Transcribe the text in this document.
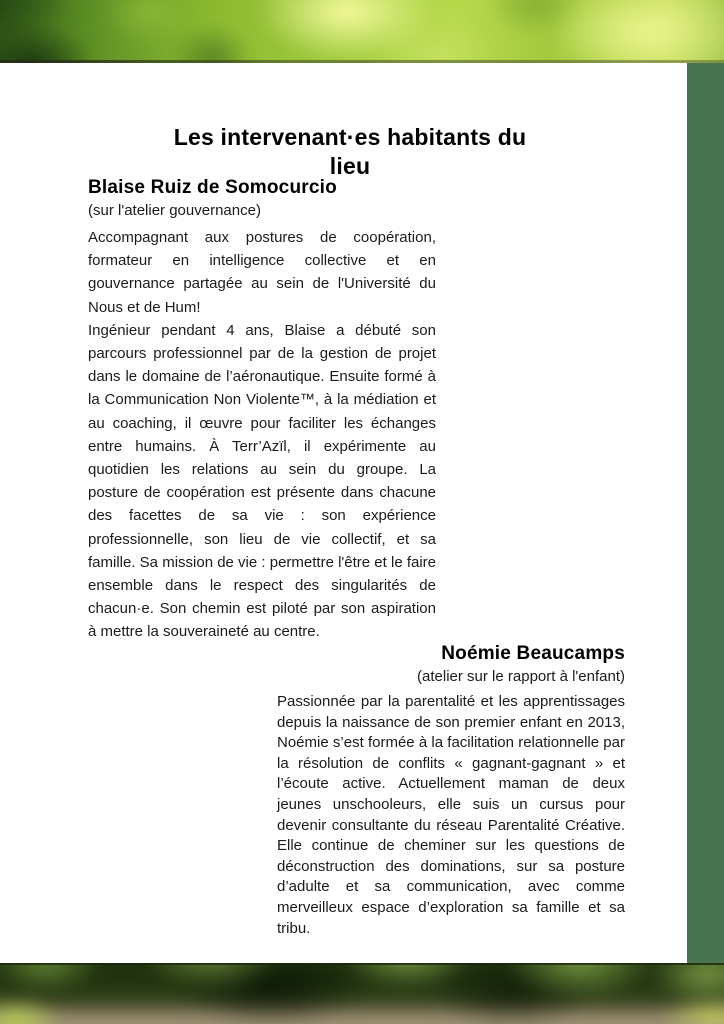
Les intervenant·es habitants du
lieu
Blaise Ruiz de Somocurcio
(sur l'atelier gouvernance)

Accompagnant aux postures de coopération, formateur en intelligence collective et en gouvernance partagée au sein de l'Université du Nous et de Hum!

Ingénieur pendant 4 ans, Blaise a débuté son parcours professionnel par de la gestion de projet dans le domaine de l’aéronautique. Ensuite formé à la Communication Non Violente™, à la médiation et au coaching, il œuvre pour faciliter les échanges entre humains. À Terr’Azïl, il expérimente au quotidien les relations au sein du groupe. La posture de coopération est présente dans chacune des facettes de sa vie : son expérience professionnelle, son lieu de vie collectif, et sa famille. Sa mission de vie : permettre l'être et le faire ensemble dans le respect des singularités de chacun·e. Son chemin est piloté par son aspiration à mettre la souveraineté au centre.

Noémie Beaucamps
(atelier sur le rapport à l'enfant)

Passionnée par la parentalité et les apprentissages depuis la naissance de son premier enfant en 2013, Noémie s’est formée à la facilitation relationnelle par la résolution de conflits « gagnant-gagnant » et l’écoute active. Actuellement maman de deux jeunes unschooleurs, elle suis un cursus pour devenir consultante du réseau Parentalité Créative. Elle continue de cheminer sur les questions de déconstruction des dominations, sur sa posture d’adulte et sa communication, avec comme merveilleux espace d’exploration sa famille et sa tribu.
